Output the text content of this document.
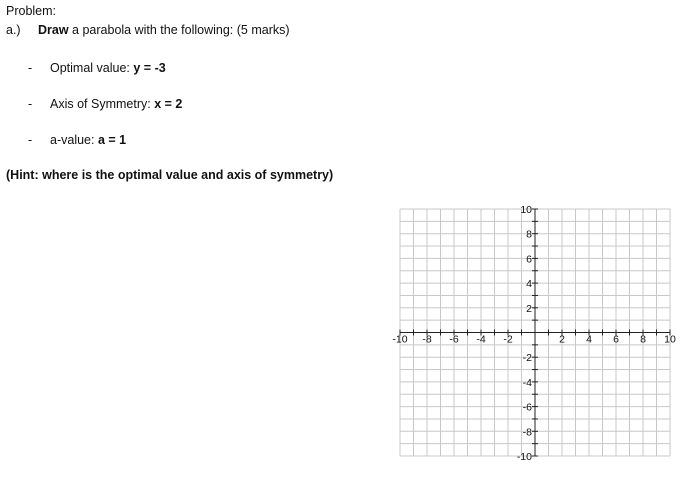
Problem:
a.) Draw a parabola with the following: (5 marks)
- Optimal value: y = -3
- Axis of Symmetry: x = 2
- a-value: a = 1
(Hint: where is the optimal value and axis of symmetry)
-10 -8 -6 -4 -2	2 4 6 8 10
10
8
6
4
2
-2
-4
-6
-8
-10
